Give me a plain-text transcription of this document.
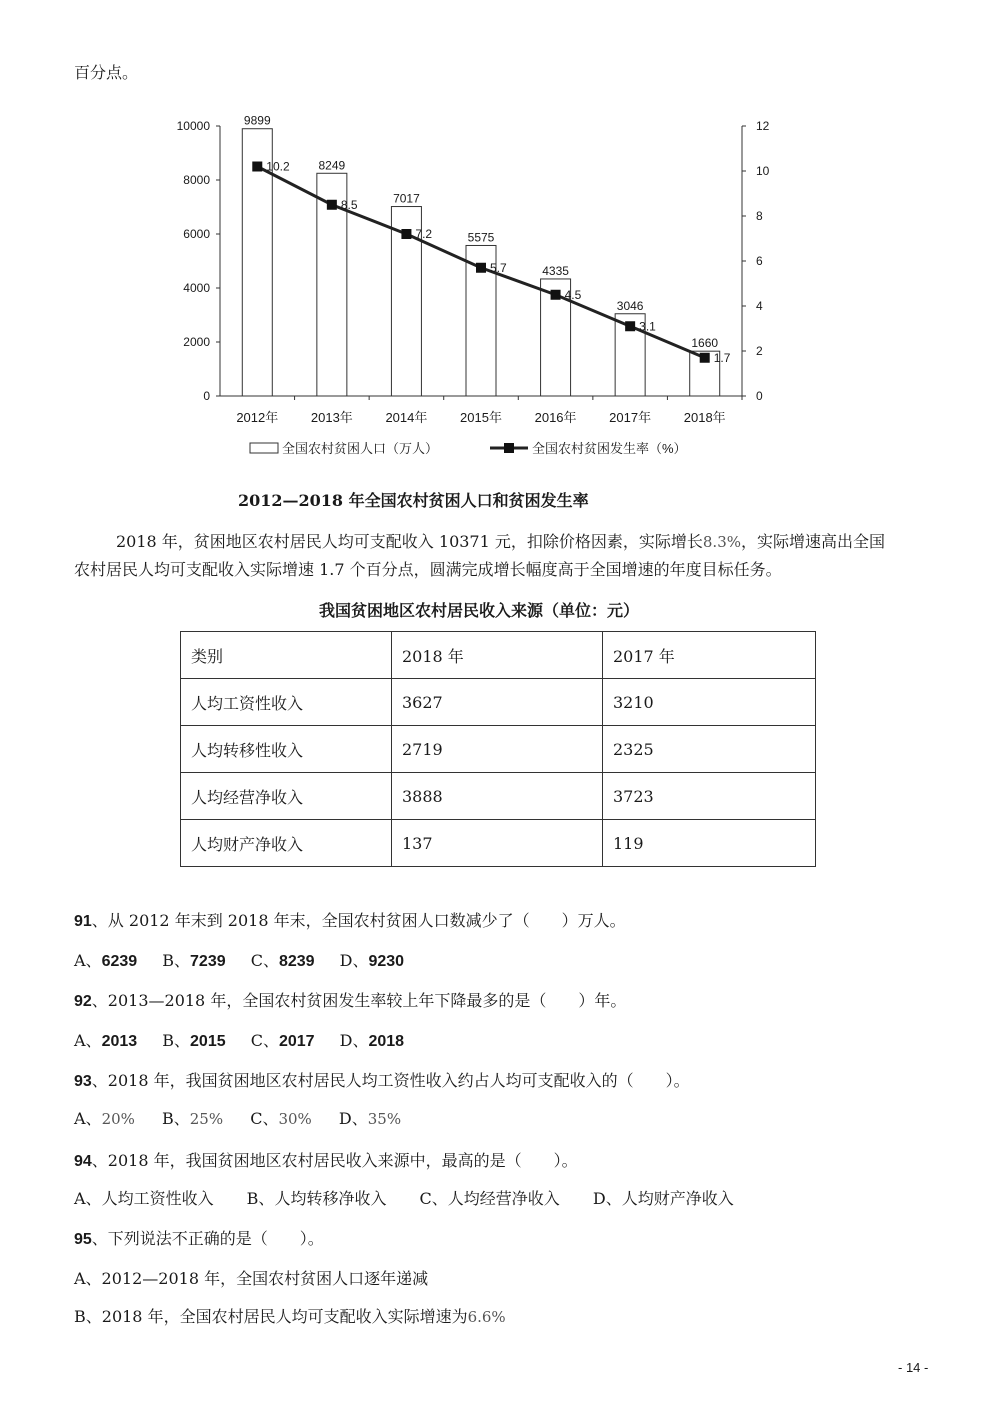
百分点。
0
2000
4000
6000
8000
10000
0
2
4
6
8
10
12
2012年	2013年	2014年	2015年	2016年	2017年	2018年
9899
8249
7017
5575
4335
3046
1660
10.2
8.5
7.2
5.7
4.5
3.1
1.7
全国农村贫困人口（万人）	全国农村贫困发生率（%）
2012—2018 年全国农村贫困人口和贫困发生率
2018 年，贫困地区农村居民人均可支配收入 10371 元，扣除价格因素，实际增长8.3%，实际增速高出全国
农村居民人均可支配收入实际增速 1.7 个百分点，圆满完成增长幅度高于全国增速的年度目标任务。
我国贫困地区农村居民收入来源（单位：元）
类别	2018 年	2017 年
人均工资性收入	3627	3210
人均转移性收入	2719	2325
人均经营净收入	3888	3723
人均财产净收入	137	119
91、从 2012 年末到 2018 年末，全国农村贫困人口数减少了（　　）万人。
A、6239 B、7239 C、8239 D、9230
92、2013—2018 年，全国农村贫困发生率较上年下降最多的是（　　）年。
A、2013 B、2015 C、2017 D、2018
93、2018 年，我国贫困地区农村居民人均工资性收入约占人均可支配收入的（　　）。
A、20% B、25% C、30% D、35%
94、2018 年，我国贫困地区农村居民收入来源中，最高的是（　　）。
A、人均工资性收入 B、人均转移净收入 C、人均经营净收入 D、人均财产净收入
95、下列说法不正确的是（　　）。
A、2012—2018 年，全国农村贫困人口逐年递减
B、2018 年，全国农村居民人均可支配收入实际增速为6.6%
- 14 -
